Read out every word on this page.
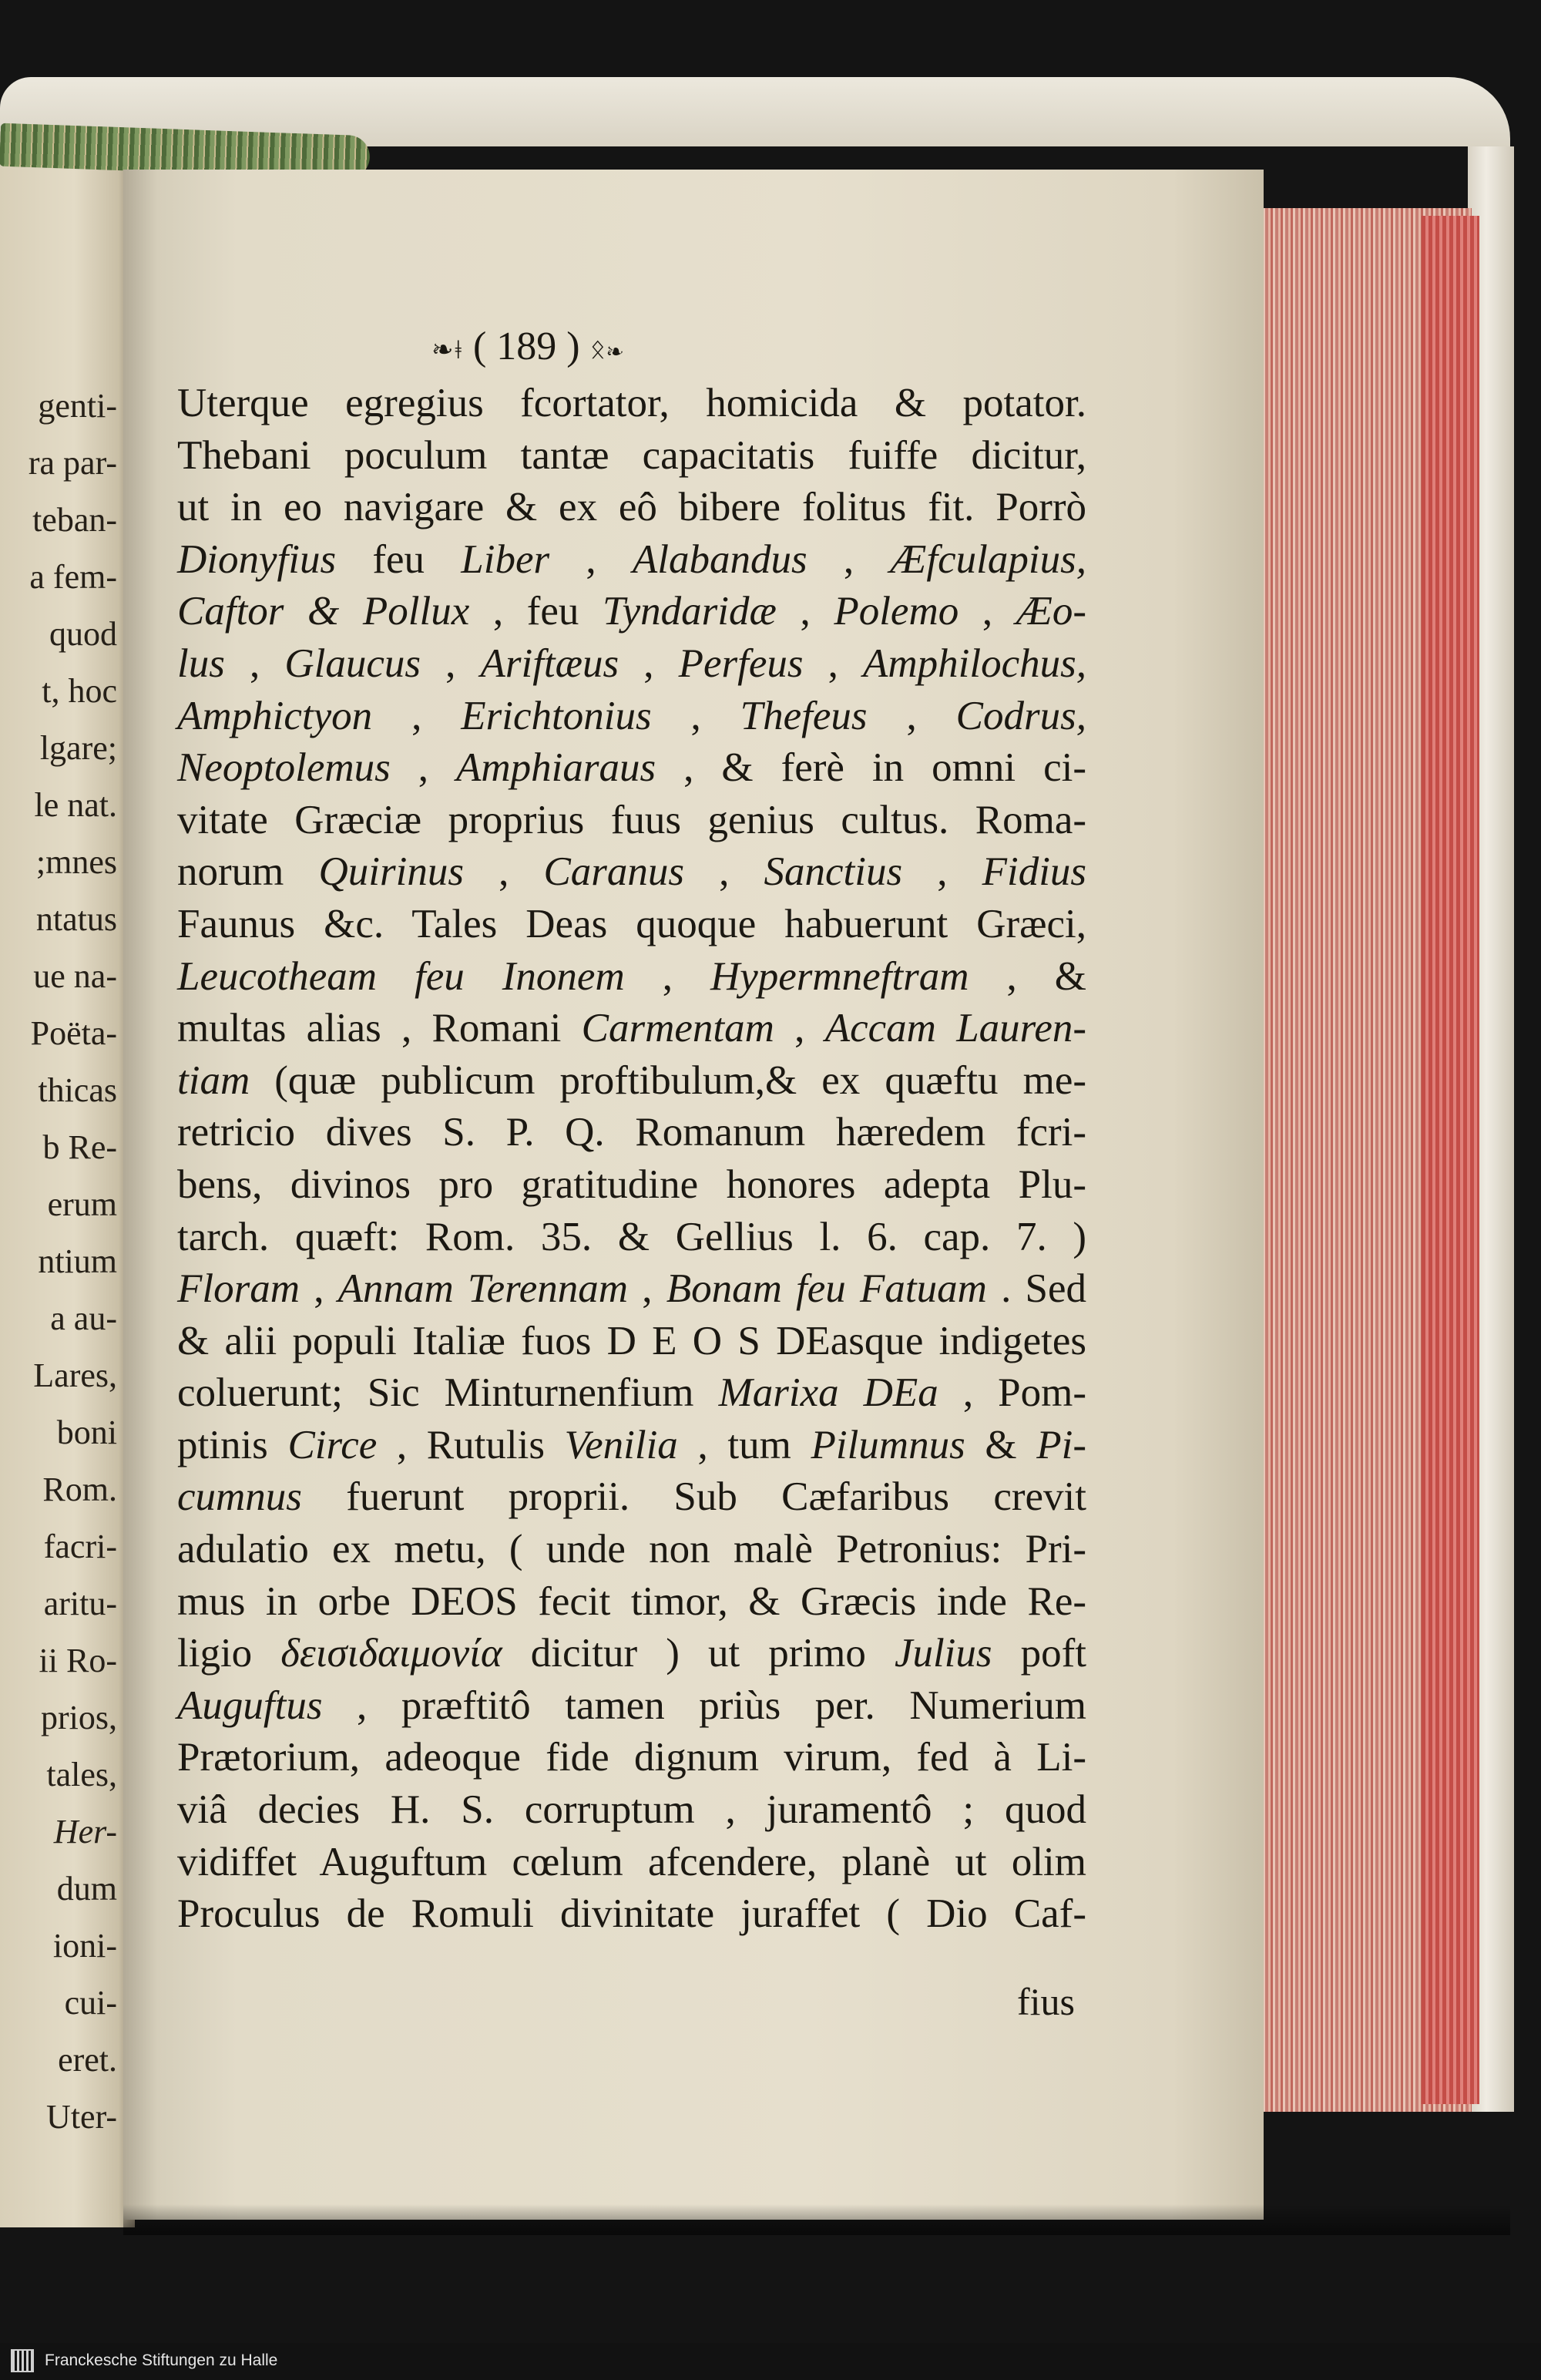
genti-
ra par-
teban-
a fem-
quod
t, hoc
lgare;
le nat.
;mnes
ntatus
ue na-
Poëta-
thicas
b Re-
erum
ntium
a au-
Lares,
boni
Rom.
facri-
aritu-
ii Ro-
prios,
tales,
Her-
dum
ioni-
cui-
eret.
Uter-
❧ǂ ( 189 ) ᛟ❧
Uterque egregius fcortator, homicida & potator.
Thebani poculum tantæ capacitatis fuiffe dicitur,
ut in eo navigare & ex eô bibere folitus fit. Porrò
Dionyfius feu Liber , Alabandus , Æfculapius,
Caftor & Pollux , feu Tyndaridæ , Polemo , Æo-
lus , Glaucus , Ariftæus , Perfeus , Amphilochus,
Amphictyon , Erichtonius , Thefeus , Codrus,
Neoptolemus , Amphiaraus , & ferè in omni ci-
vitate Græciæ proprius fuus genius cultus. Roma-
norum Quirinus , Caranus , Sanctius , Fidius
Faunus &c. Tales Deas quoque habuerunt Græci,
Leucotheam feu Inonem , Hypermneftram , &
multas alias , Romani Carmentam , Accam Lauren-
tiam (quæ publicum proftibulum,& ex quæftu me-
retricio dives S. P. Q. Romanum hæredem fcri-
bens, divinos pro gratitudine honores adepta Plu-
tarch. quæft: Rom. 35. & Gellius l. 6. cap. 7. )
Floram , Annam Terennam , Bonam feu Fatuam . Sed
& alii populi Italiæ fuos D E O S DEasque indigetes
coluerunt; Sic Minturnenfium Marixa DEa , Pom-
ptinis Circe , Rutulis Venilia , tum Pilumnus & Pi-
cumnus fuerunt proprii. Sub Cæfaribus crevit
adulatio ex metu, ( unde non malè Petronius: Pri-
mus in orbe DEOS fecit timor, & Græcis inde Re-
ligio δεισιδαιμονία dicitur ) ut primo Julius poft
Auguftus , præftitô tamen priùs per. Numerium
Prætorium, adeoque fide dignum virum, fed à Li-
viâ decies H. S. corruptum , juramentô ; quod
vidiffet Auguftum cœlum afcendere, planè ut olim
Proculus de Romuli divinitate juraffet ( Dio Caf-
fius
Franckesche Stiftungen zu Halle
